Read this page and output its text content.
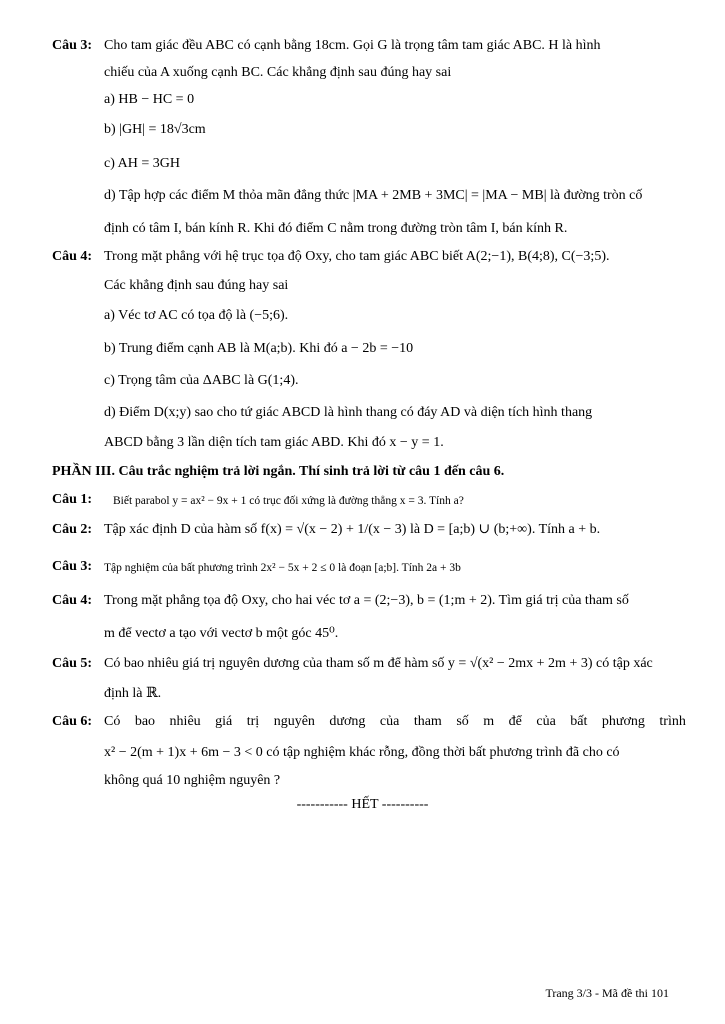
Câu 3: Cho tam giác đều ABC có cạnh bằng 18cm. Gọi G là trọng tâm tam giác ABC. H là hình
chiếu của A xuống cạnh BC. Các khẳng định sau đúng hay sai
a) HB − HC = 0
b) |GH| = 18√3cm
c) AH = 3GH
d) Tập hợp các điểm M thỏa mãn đẳng thức |MA + 2MB + 3MC| = |MA − MB| là đường tròn cố
định có tâm I, bán kính R. Khi đó điểm C nằm trong đường tròn tâm I, bán kính R.
Câu 4: Trong mặt phẳng với hệ trục tọa độ Oxy, cho tam giác ABC biết A(2;−1), B(4;8), C(−3;5).
Các khẳng định sau đúng hay sai
a) Véc tơ AC có tọa độ là (−5;6).
b) Trung điểm cạnh AB là M(a;b). Khi đó a − 2b = −10
c) Trọng tâm của ΔABC là G(1;4).
d) Điểm D(x;y) sao cho tứ giác ABCD là hình thang có đáy AD và diện tích hình thang
ABCD bằng 3 lần diện tích tam giác ABD. Khi đó x − y = 1.
PHẦN III. Câu trắc nghiệm trả lời ngắn. Thí sinh trả lời từ câu 1 đến câu 6.
Câu 1: Biết parabol y = ax² − 9x + 1 có trục đối xứng là đường thẳng x = 3. Tính a?
Câu 2: Tập xác định D của hàm số f(x) = √(x − 2) + 1/(x − 3) là D = [a;b) ∪ (b;+∞). Tính a + b.
Câu 3: Tập nghiệm của bất phương trình 2x² − 5x + 2 ≤ 0 là đoạn [a;b]. Tính 2a + 3b
Câu 4: Trong mặt phẳng tọa độ Oxy, cho hai véc tơ a = (2;−3), b = (1;m + 2). Tìm giá trị của tham số
m để vectơ a tạo với vectơ b một góc 45⁰.
Câu 5: Có bao nhiêu giá trị nguyên dương của tham số m để hàm số y = √(x² − 2mx + 2m + 3) có tập xác
định là ℝ.
Câu 6: Có bao nhiêu giá trị nguyên dương của tham số m để của bất phương trình
x² − 2(m + 1)x + 6m − 3 < 0 có tập nghiệm khác rỗng, đồng thời bất phương trình đã cho có
không quá 10 nghiệm nguyên ?
----------- HẾT ----------
Trang 3/3 - Mã đề thi 101
